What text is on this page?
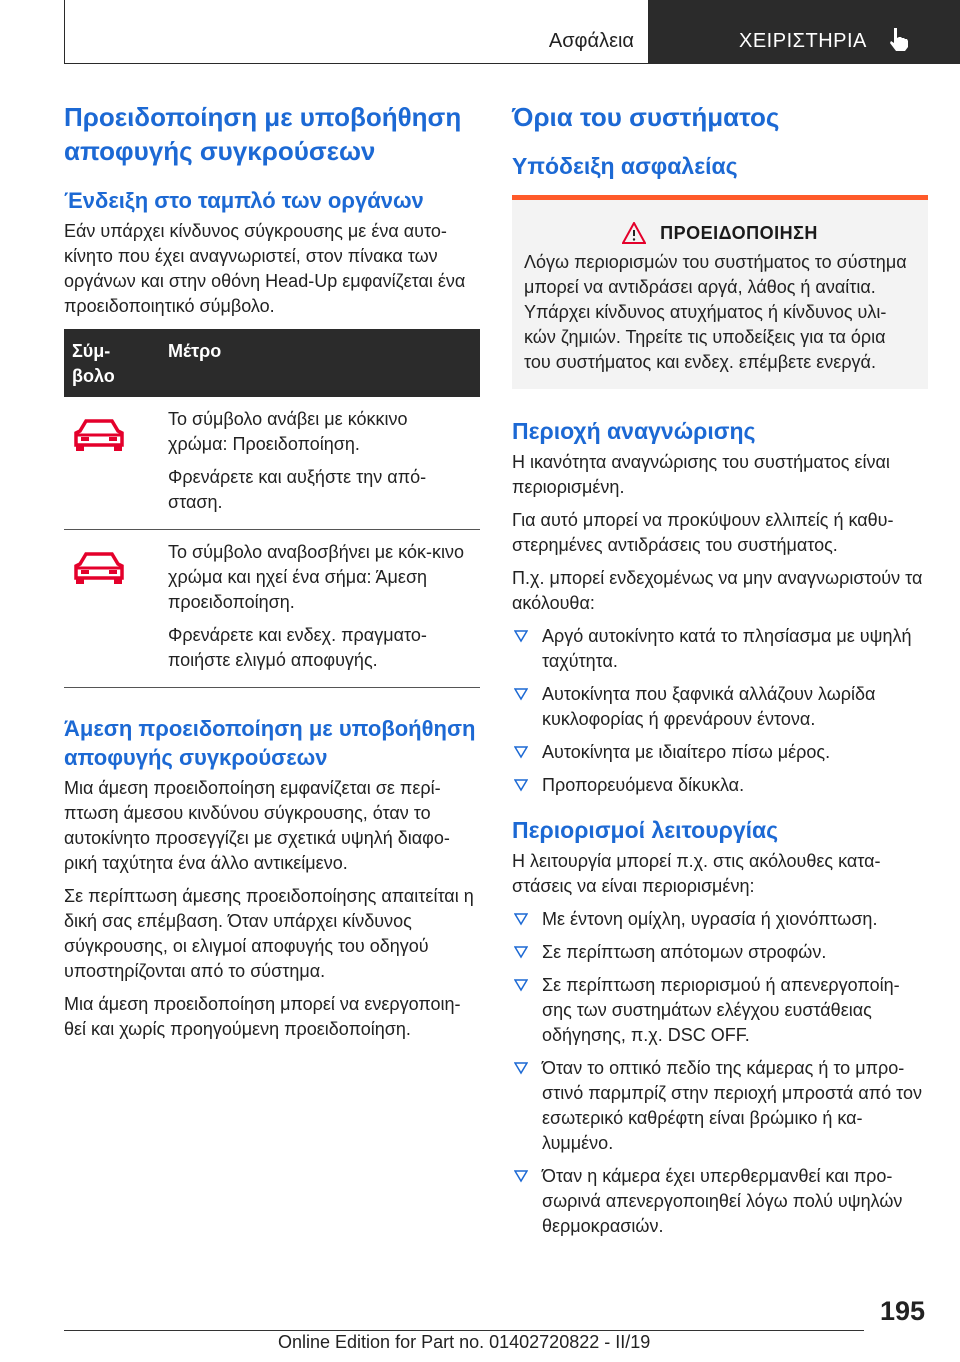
Ασφάλεια	ΧΕΙΡΙΣΤΗΡΙΑ
Προειδοποίηση με υποβοήθηση αποφυγής συγκρούσεων
Ένδειξη στο ταμπλό των οργάνων

Εάν υπάρχει κίνδυνος σύγκρουσης με ένα αυτο-κίνητο που έχει αναγνωριστεί, στον πίνακα των οργάνων και στην οθόνη Head-Up εμφανίζεται ένα προειδοποιητικό σύμβολο.

Σύμ-βολο	Μέτρο

Το σύμβολο ανάβει με κόκκινο χρώμα: Προειδοποίηση.

Φρενάρετε και αυξήστε την από-σταση.

Το σύμβολο αναβοσβήνει με κόκ-κινο χρώμα και ηχεί ένα σήμα: Άμεση προειδοποίηση.

Φρενάρετε και ενδεχ. πραγματο-ποιήστε ελιγμό αποφυγής.

Άμεση προειδοποίηση με υποβοήθηση αποφυγής συγκρούσεων

Μια άμεση προειδοποίηση εμφανίζεται σε περί-πτωση άμεσου κινδύνου σύγκρουσης, όταν το αυτοκίνητο προσεγγίζει με σχετικά υψηλή διαφο-ρική ταχύτητα ένα άλλο αντικείμενο.

Σε περίπτωση άμεσης προειδοποίησης απαιτείται η δική σας επέμβαση. Όταν υπάρχει κίνδυνος σύγκρουσης, οι ελιγμοί αποφυγής του οδηγού υποστηρίζονται από το σύστημα.

Μια άμεση προειδοποίηση μπορεί να ενεργοποιη-θεί και χωρίς προηγούμενη προειδοποίηση.

Όρια του συστήματος
Υπόδειξη ασφαλείας
ΠΡΟΕΙΔΟΠΟΙΗΣΗ

Λόγω περιορισμών του συστήματος το σύστημα μπορεί να αντιδράσει αργά, λάθος ή αναίτια. Υπάρχει κίνδυνος ατυχήματος ή κίνδυνος υλι-κών ζημιών. Τηρείτε τις υποδείξεις για τα όρια του συστήματος και ενδεχ. επέμβετε ενεργά.

Περιοχή αναγνώρισης

Η ικανότητα αναγνώρισης του συστήματος είναι περιορισμένη.

Για αυτό μπορεί να προκύψουν ελλιπείς ή καθυ-στερημένες αντιδράσεις του συστήματος.

Π.χ. μπορεί ενδεχομένως να μην αναγνωριστούν τα ακόλουθα:

Αργό αυτοκίνητο κατά το πλησίασμα με υψηλή ταχύτητα.
Αυτοκίνητα που ξαφνικά αλλάζουν λωρίδα κυκλοφορίας ή φρενάρουν έντονα.
Αυτοκίνητα με ιδιαίτερο πίσω μέρος.
Προπορευόμενα δίκυκλα.
Περιορισμοί λειτουργίας

Η λειτουργία μπορεί π.χ. στις ακόλουθες κατα-στάσεις να είναι περιορισμένη:

Με έντονη ομίχλη, υγρασία ή χιονόπτωση.
Σε περίπτωση απότομων στροφών.
Σε περίπτωση περιορισμού ή απενεργοποίη-σης των συστημάτων ελέγχου ευστάθειας οδήγησης, π.χ. DSC OFF.
Όταν το οπτικό πεδίο της κάμερας ή το μπρο-στινό παρμπρίζ στην περιοχή μπροστά από τον εσωτερικό καθρέφτη είναι βρώμικο ή κα-λυμμένο.
Όταν η κάμερα έχει υπερθερμανθεί και προ-σωρινά απενεργοποιηθεί λόγω πολύ υψηλών θερμοκρασιών.
195
Online Edition for Part no. 01402720822 - II/19
